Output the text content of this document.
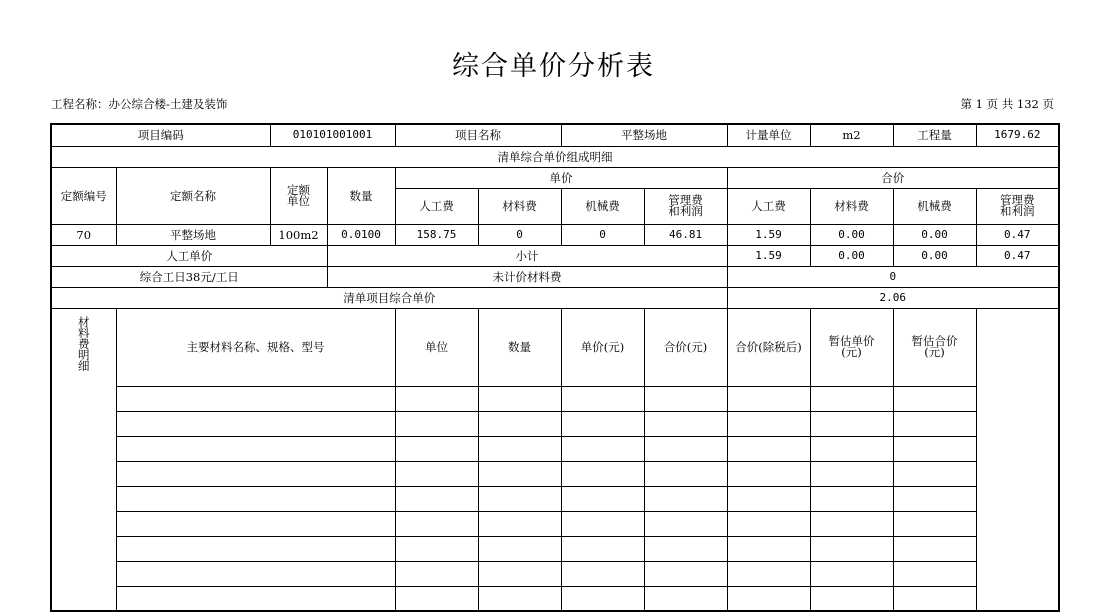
综合单价分析表
工程名称：办公综合楼-土建及装饰	第 1 页 共 132 页
项目编码		010101001001		项目名称		平整场地		计量单位	m2	工程量	1679.62
清单综合单价组成明细											
定额编号	定额名称	定额单位	数量	单价				合价			
				人工费	材料费	机械费	管理费和利润	人工费	材料费	机械费	管理费和利润
70	平整场地	100m2	0.0100	158.75	0	0	46.81	1.59	0.00	0.00	0.47
人工单价			小计					1.59	0.00	0.00	0.47
综合工日38元/工日			未计价材料费					0			
清单项目综合单价								2.06			
材料费明细	主要材料名称、规格、型号			单位	数量	单价(元)	合价(元)	合价(除税后)	暂估单价(元)	暂估合价(元)
